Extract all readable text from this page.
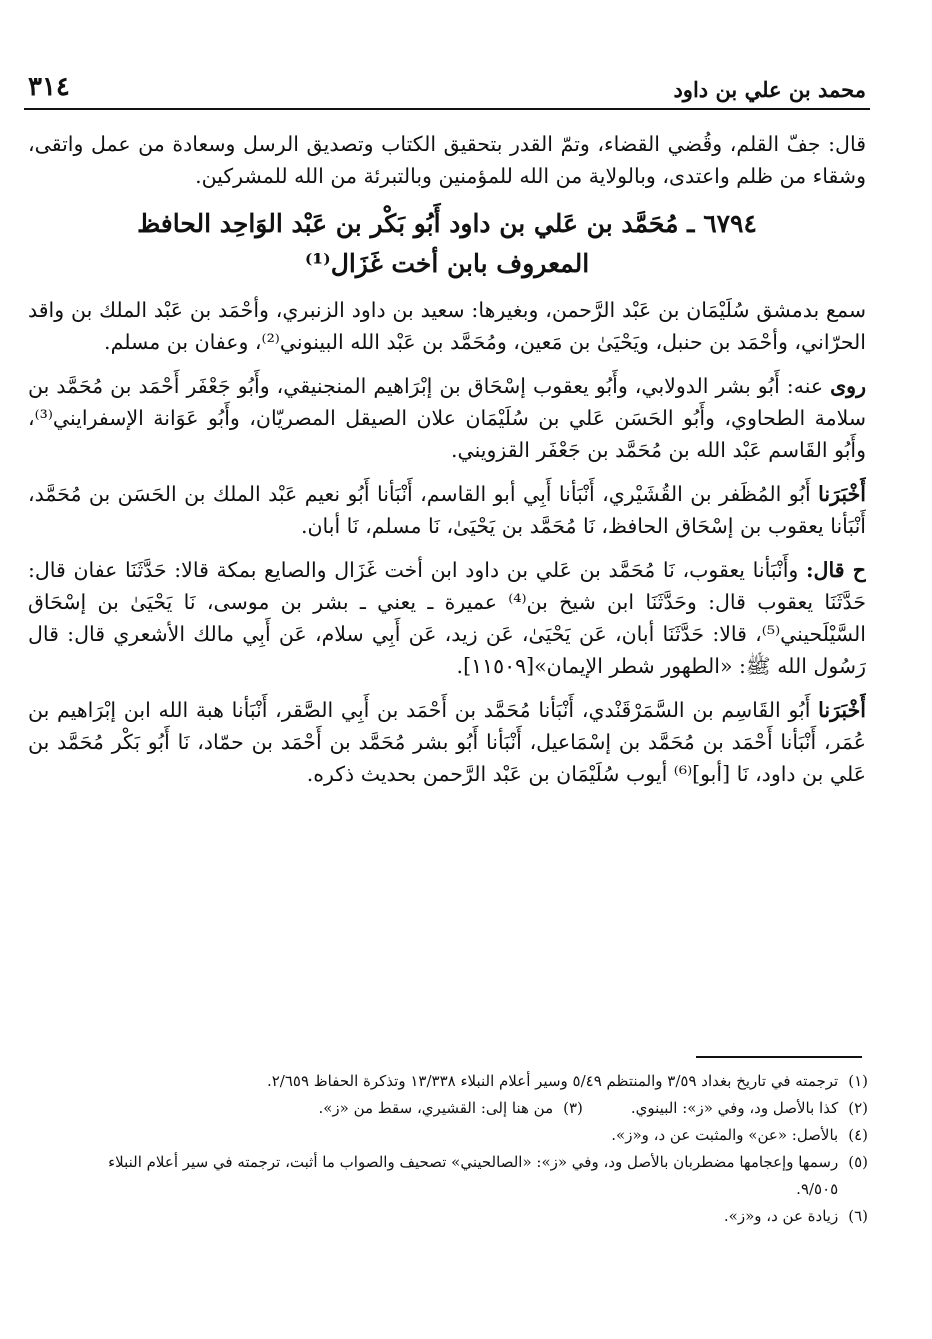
٣١٤	محمد بن علي بن داود

قال: جفّ القلم، وقُضي القضاء، وتمّ القدر بتحقيق الكتاب وتصديق الرسل وسعادة من عمل واتقى، وشقاء من ظلم واعتدى، وبالولاية من الله للمؤمنين وبالتبرئة من الله للمشركين.

٦٧٩٤ ـ مُحَمَّد بن عَلي بن داود أَبُو بَكْر بن عَبْد الوَاحِد الحافظ
المعروف بابن أخت غَزَال⁽¹⁾

سمع بدمشق سُلَيْمَان بن عَبْد الرَّحمن، وبغيرها: سعيد بن داود الزنبري، وأحْمَد بن عَبْد الملك بن واقد الحرّاني، وأحْمَد بن حنبل، ويَحْيَىٰ بن مَعين، ومُحَمَّد بن عَبْد الله البينوني⁽²⁾، وعفان بن مسلم.

روى عنه: أَبُو بشر الدولابي، وأَبُو يعقوب إسْحَاق بن إبْرَاهيم المنجنيقي، وأَبُو جَعْفَر أَحْمَد بن مُحَمَّد بن سلامة الطحاوي، وأَبُو الحَسَن عَلي بن سُلَيْمَان علان الصيقل المصريّان، وأَبُو عَوَانة الإسفرايني⁽³⁾، وأَبُو القَاسم عَبْد الله بن مُحَمَّد بن جَعْفَر القزويني.

أَخْبَرَنا أَبُو المُظَفر بن القُشَيْري، أَنْبَأنا أَبِي أبو القاسم، أَنْبَأنا أَبُو نعيم عَبْد الملك بن الحَسَن بن مُحَمَّد، أَنْبَأنا يعقوب بن إسْحَاق الحافظ، نَا مُحَمَّد بن يَحْيَىٰ، نَا مسلم، نَا أبان.

ح قال: وأَنْبَأنا يعقوب، نَا مُحَمَّد بن عَلي بن داود ابن أخت غَزَال والصايع بمكة قالا: حَدَّثَنَا عفان قال: حَدَّثَنَا يعقوب قال: وحَدَّثَنَا ابن شيخ بن⁽⁴⁾ عميرة ـ يعني ـ بشر بن موسى، نَا يَحْيَىٰ بن إسْحَاق السَّيْلَحيني⁽⁵⁾، قالا: حَدَّثَنَا أبان، عَن يَحْيَىٰ، عَن زيد، عَن أَبِي سلام، عَن أَبِي مالك الأشعري قال: قال رَسُول الله ﷺ: «الطهور شطر الإيمان»[١١٥٠٩].

أَخْبَرَنا أَبُو القَاسِم بن السَّمَرْقَنْدي، أَنْبَأنا مُحَمَّد بن أَحْمَد بن أَبِي الصَّقر، أَنْبَأنا هبة الله ابن إبْرَاهيم بن عُمَر، أَنْبَأنا أَحْمَد بن مُحَمَّد بن إسْمَاعيل، أَنْبَأنا أَبُو بشر مُحَمَّد بن أَحْمَد بن حمّاد، نَا أَبُو بَكْر مُحَمَّد بن عَلي بن داود، نَا [أبو]⁽⁶⁾ أيوب سُلَيْمَان بن عَبْد الرَّحمن بحديث ذكره.

(١)
ترجمته في تاريخ بغداد ٣/٥٩ والمنتظم ٥/٤٩ وسير أعلام النبلاء ١٣/٣٣٨ وتذكرة الحفاظ ٢/٦٥٩.
(٢)
كذا بالأصل ود، وفي «ز»: البينوي.
(٣)
من هنا إلى: القشيري، سقط من «ز».
(٤)
بالأصل: «عن» والمثبت عن د، و«ز».
(٥)
رسمها وإعجامها مضطربان بالأصل ود، وفي «ز»: «الصالحيني» تصحيف والصواب ما أثبت، ترجمته في سير أعلام النبلاء ٩/٥٠٥.
(٦)
زيادة عن د، و«ز».
